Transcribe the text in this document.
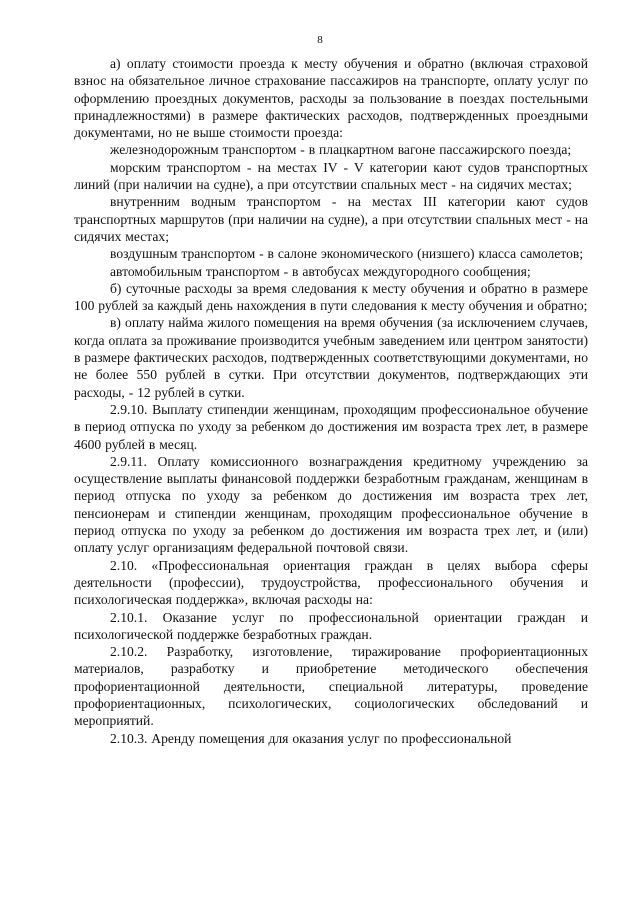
8

а) оплату стоимости проезда к месту обучения и обратно (включая страховой взнос на обязательное личное страхование пассажиров на транспорте, оплату услуг по оформлению проездных документов, расходы за пользование в поездах постельными принадлежностями) в размере фактических расходов, подтвержденных проездными документами, но не выше стоимости проезда:

железнодорожным транспортом - в плацкартном вагоне пассажирского поезда;

морским транспортом - на местах IV - V категории кают судов транспортных линий (при наличии на судне), а при отсутствии спальных мест - на сидячих местах;

внутренним водным транспортом - на местах III категории кают судов транспортных маршрутов (при наличии на судне), а при отсутствии спальных мест - на сидячих местах;

воздушным транспортом - в салоне экономического (низшего) класса самолетов;

автомобильным транспортом - в автобусах междугородного сообщения;

б) суточные расходы за время следования к месту обучения и обратно в размере 100 рублей за каждый день нахождения в пути следования к месту обучения и обратно;

в) оплату найма жилого помещения на время обучения (за исключением случаев, когда оплата за проживание производится учебным заведением или центром занятости) в размере фактических расходов, подтвержденных соответствующими документами, но не более 550 рублей в сутки. При отсутствии документов, подтверждающих эти расходы, - 12 рублей в сутки.

2.9.10. Выплату стипендии женщинам, проходящим профессиональное обучение в период отпуска по уходу за ребенком до достижения им возраста трех лет, в размере 4600 рублей в месяц.

2.9.11. Оплату комиссионного вознаграждения кредитному учреждению за осуществление выплаты финансовой поддержки безработным гражданам, женщинам в период отпуска по уходу за ребенком до достижения им возраста трех лет, пенсионерам и стипендии женщинам, проходящим профессиональное обучение в период отпуска по уходу за ребенком до достижения им возраста трех лет, и (или) оплату услуг организациям федеральной почтовой связи.

2.10. «Профессиональная ориентация граждан в целях выбора сферы деятельности (профессии), трудоустройства, профессионального обучения и психологическая поддержка», включая расходы на:

2.10.1. Оказание услуг по профессиональной ориентации граждан и психологической поддержке безработных граждан.

2.10.2. Разработку, изготовление, тиражирование профориентационных материалов, разработку и приобретение методического обеспечения профориентационной деятельности, специальной литературы, проведение профориентационных, психологических, социологических обследований и мероприятий.

2.10.3. Аренду помещения для оказания услуг по профессиональной
